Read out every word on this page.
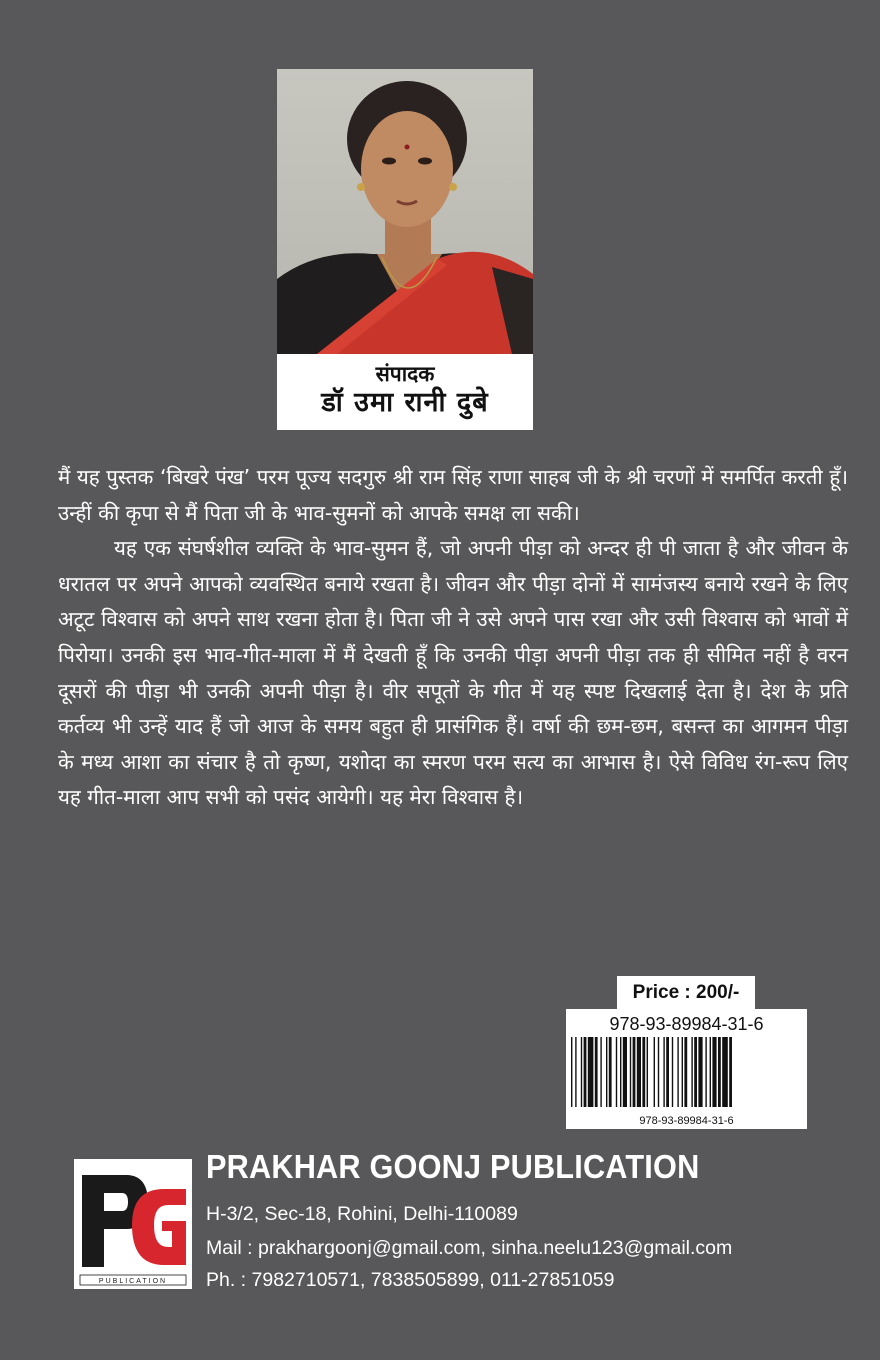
संपादक
डॉ उमा रानी दुबे

मैं यह पुस्तक ‘बिखरे पंख’ परम पूज्य सदगुरु श्री राम सिंह राणा साहब जी के श्री चरणों में समर्पित करती हूँ। उन्हीं की कृपा से मैं पिता जी के भाव-सुमनों को आपके समक्ष ला सकी।

यह एक संघर्षशील व्यक्ति के भाव-सुमन हैं, जो अपनी पीड़ा को अन्दर ही पी जाता है और जीवन के धरातल पर अपने आपको व्यवस्थित बनाये रखता है। जीवन और पीड़ा दोनों में सामंजस्य बनाये रखने के लिए अटूट विश्वास को अपने साथ रखना होता है। पिता जी ने उसे अपने पास रखा और उसी विश्वास को भावों में पिरोया। उनकी इस भाव-गीत-माला में मैं देखती हूँ कि उनकी पीड़ा अपनी पीड़ा तक ही सीमित नहीं है वरन दूसरों की पीड़ा भी उनकी अपनी पीड़ा है। वीर सपूतों के गीत में यह स्पष्ट दिखलाई देता है। देश के प्रति कर्तव्य भी उन्हें याद हैं जो आज के समय बहुत ही प्रासंगिक हैं। वर्षा की छम-छम, बसन्त का आगमन पीड़ा के मध्य आशा का संचार है तो कृष्ण, यशोदा का स्मरण परम सत्य का आभास है। ऐसे विविध रंग-रूप लिए यह गीत-माला आप सभी को पसंद आयेगी। यह मेरा विश्वास है।

Price : 200/-
978-93-89984-31-6
978-93-89984-31-6
PUBLICATION
PRAKHAR GOONJ PUBLICATION
H-3/2, Sec-18, Rohini, Delhi-110089
Mail : prakhargoonj@gmail.com, sinha.neelu123@gmail.com
Ph. : 7982710571, 7838505899, 011-27851059
